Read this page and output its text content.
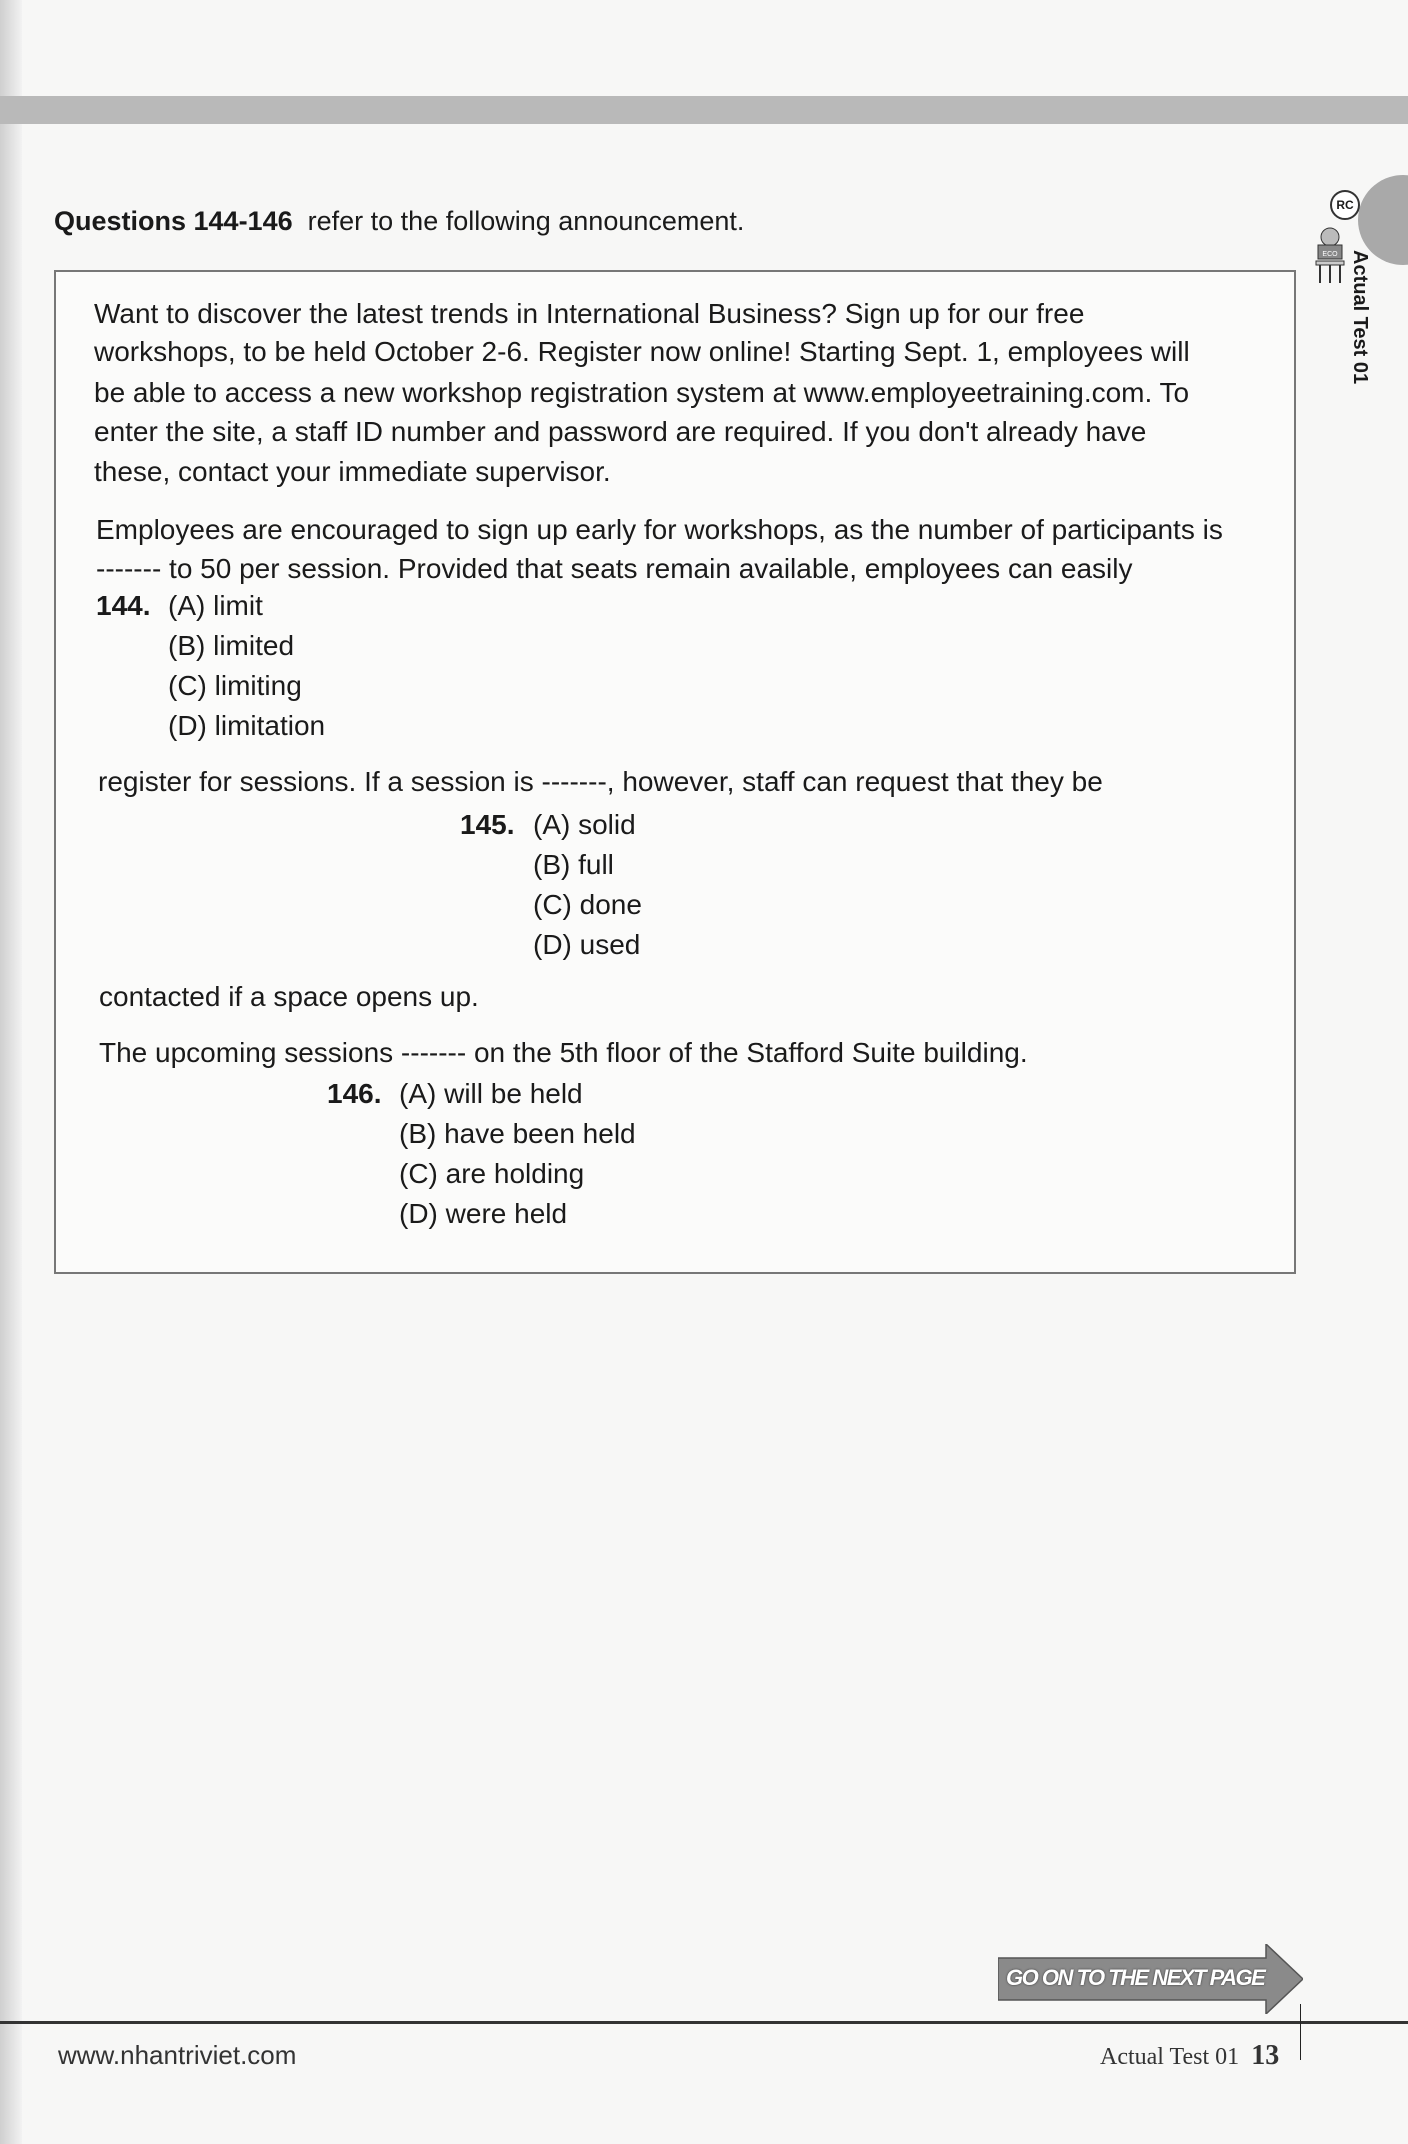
RC
ECO Actual Test 01
Questions 144-146 refer to the following announcement.
Want to discover the latest trends in International Business? Sign up for our free
workshops, to be held October 2-6. Register now online! Starting Sept. 1, employees will
be able to access a new workshop registration system at www.employeetraining.com. To
enter the site, a staff ID number and password are required. If you don't already have
these, contact your immediate supervisor.
Employees are encouraged to sign up early for workshops, as the number of participants is
------- to 50 per session. Provided that seats remain available, employees can easily
144. (A) limit
(B) limited
(C) limiting
(D) limitation
register for sessions. If a session is -------, however, staff can request that they be
145. (A) solid
(B) full
(C) done
(D) used
contacted if a space opens up.
The upcoming sessions ------- on the 5th floor of the Stafford Suite building.
146. (A) will be held
(B) have been held
(C) are holding
(D) were held
GO ON TO THE NEXT PAGE
www.nhantriviet.com	Actual Test 01 13
